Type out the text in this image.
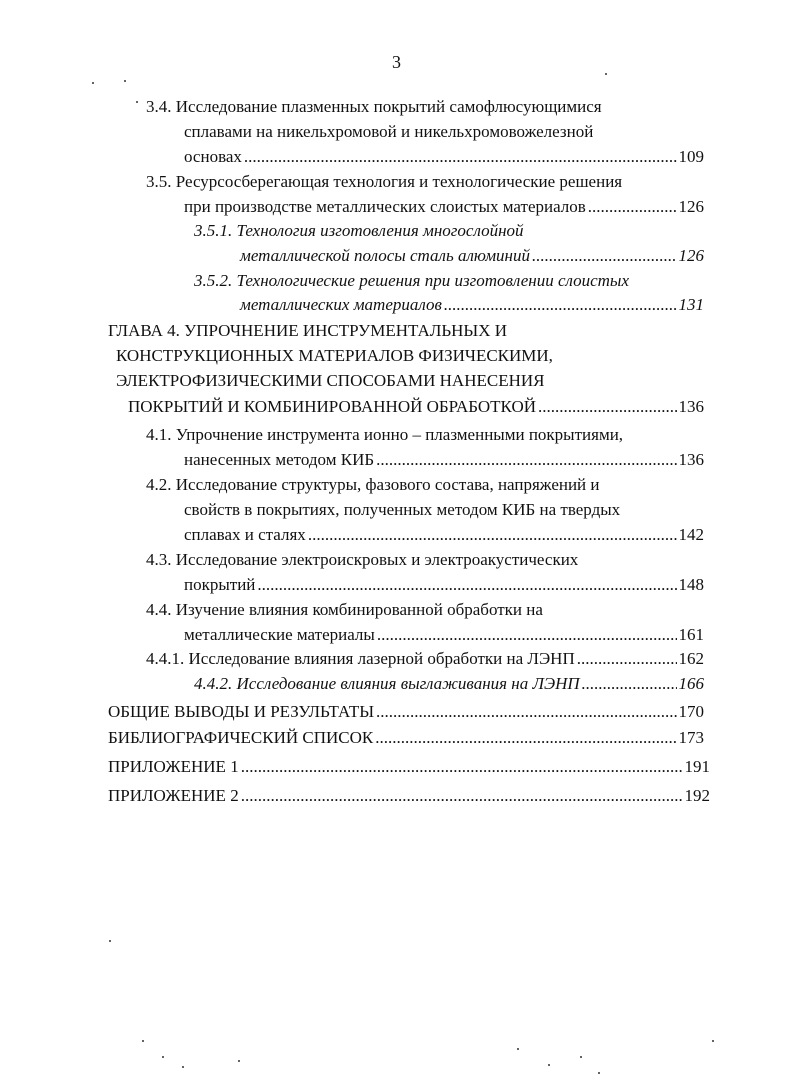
3
3.4. Исследование плазменных покрытий самофлюсующимися
сплавами на никельхромовой и никельхромовожелезной
основах .....	109
3.5. Ресурсосберегающая технология и технологические решения
при производстве металлических слоистых материалов .....	126
3.5.1. Технология изготовления многослойной
металлической полосы сталь алюминий .....	126
3.5.2. Технологические решения при изготовлении слоистых
металлических материалов .....	131
ГЛАВА 4. УПРОЧНЕНИЕ ИНСТРУМЕНТАЛЬНЫХ И
КОНСТРУКЦИОННЫХ МАТЕРИАЛОВ ФИЗИЧЕСКИМИ,
ЭЛЕКТРОФИЗИЧЕСКИМИ СПОСОБАМИ НАНЕСЕНИЯ
ПОКРЫТИЙ И КОМБИНИРОВАННОЙ ОБРАБОТКОЙ .....	136
4.1. Упрочнение инструмента ионно – плазменными покрытиями,
нанесенных методом КИБ .....	136
4.2. Исследование структуры, фазового состава, напряжений и
свойств в покрытиях, полученных методом КИБ на твердых
сплавах и сталях .....	142
4.3. Исследование электроискровых и электроакустических
покрытий .....	148
4.4. Изучение влияния комбинированной обработки на
металлические материалы .....	161
4.4.1. Исследование влияния лазерной обработки на ЛЭНП .....	162
4.4.2. Исследование влияния выглаживания на ЛЭНП .....	166
ОБЩИЕ ВЫВОДЫ И РЕЗУЛЬТАТЫ .....	170
БИБЛИОГРАФИЧЕСКИЙ СПИСОК .....	173
ПРИЛОЖЕНИЕ 1 .....	191
ПРИЛОЖЕНИЕ 2 .....	192
